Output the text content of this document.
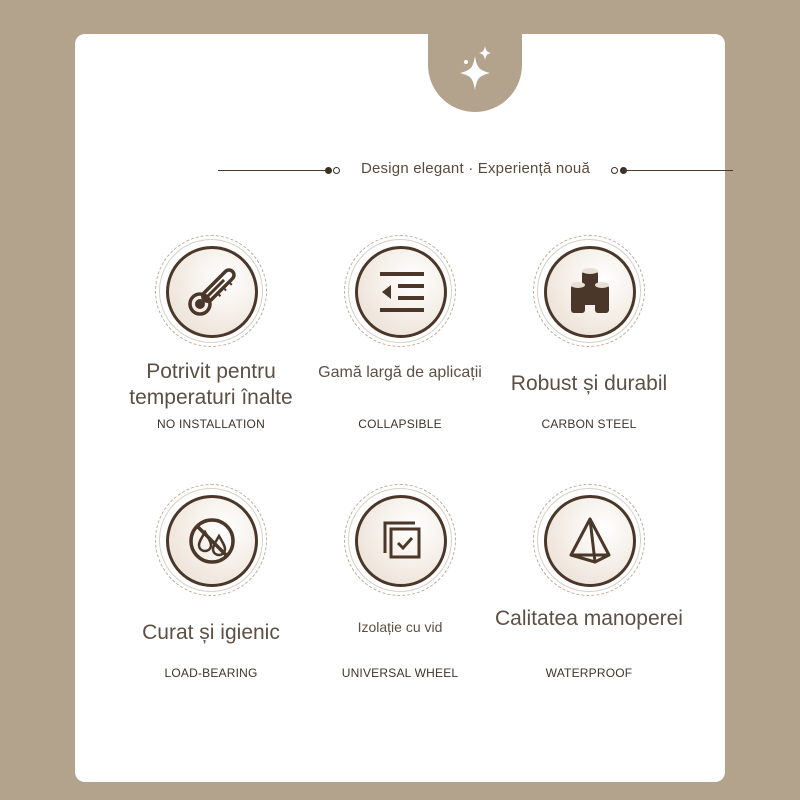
Design elegant · Experiență nouă
Potrivit pentru temperaturi înalte
NO INSTALLATION
Gamă largă de aplicații
COLLAPSIBLE
Robust și durabil
CARBON STEEL
Curat și igienic
LOAD-BEARING
Izolație cu vid
UNIVERSAL WHEEL
Calitatea manoperei
WATERPROOF
